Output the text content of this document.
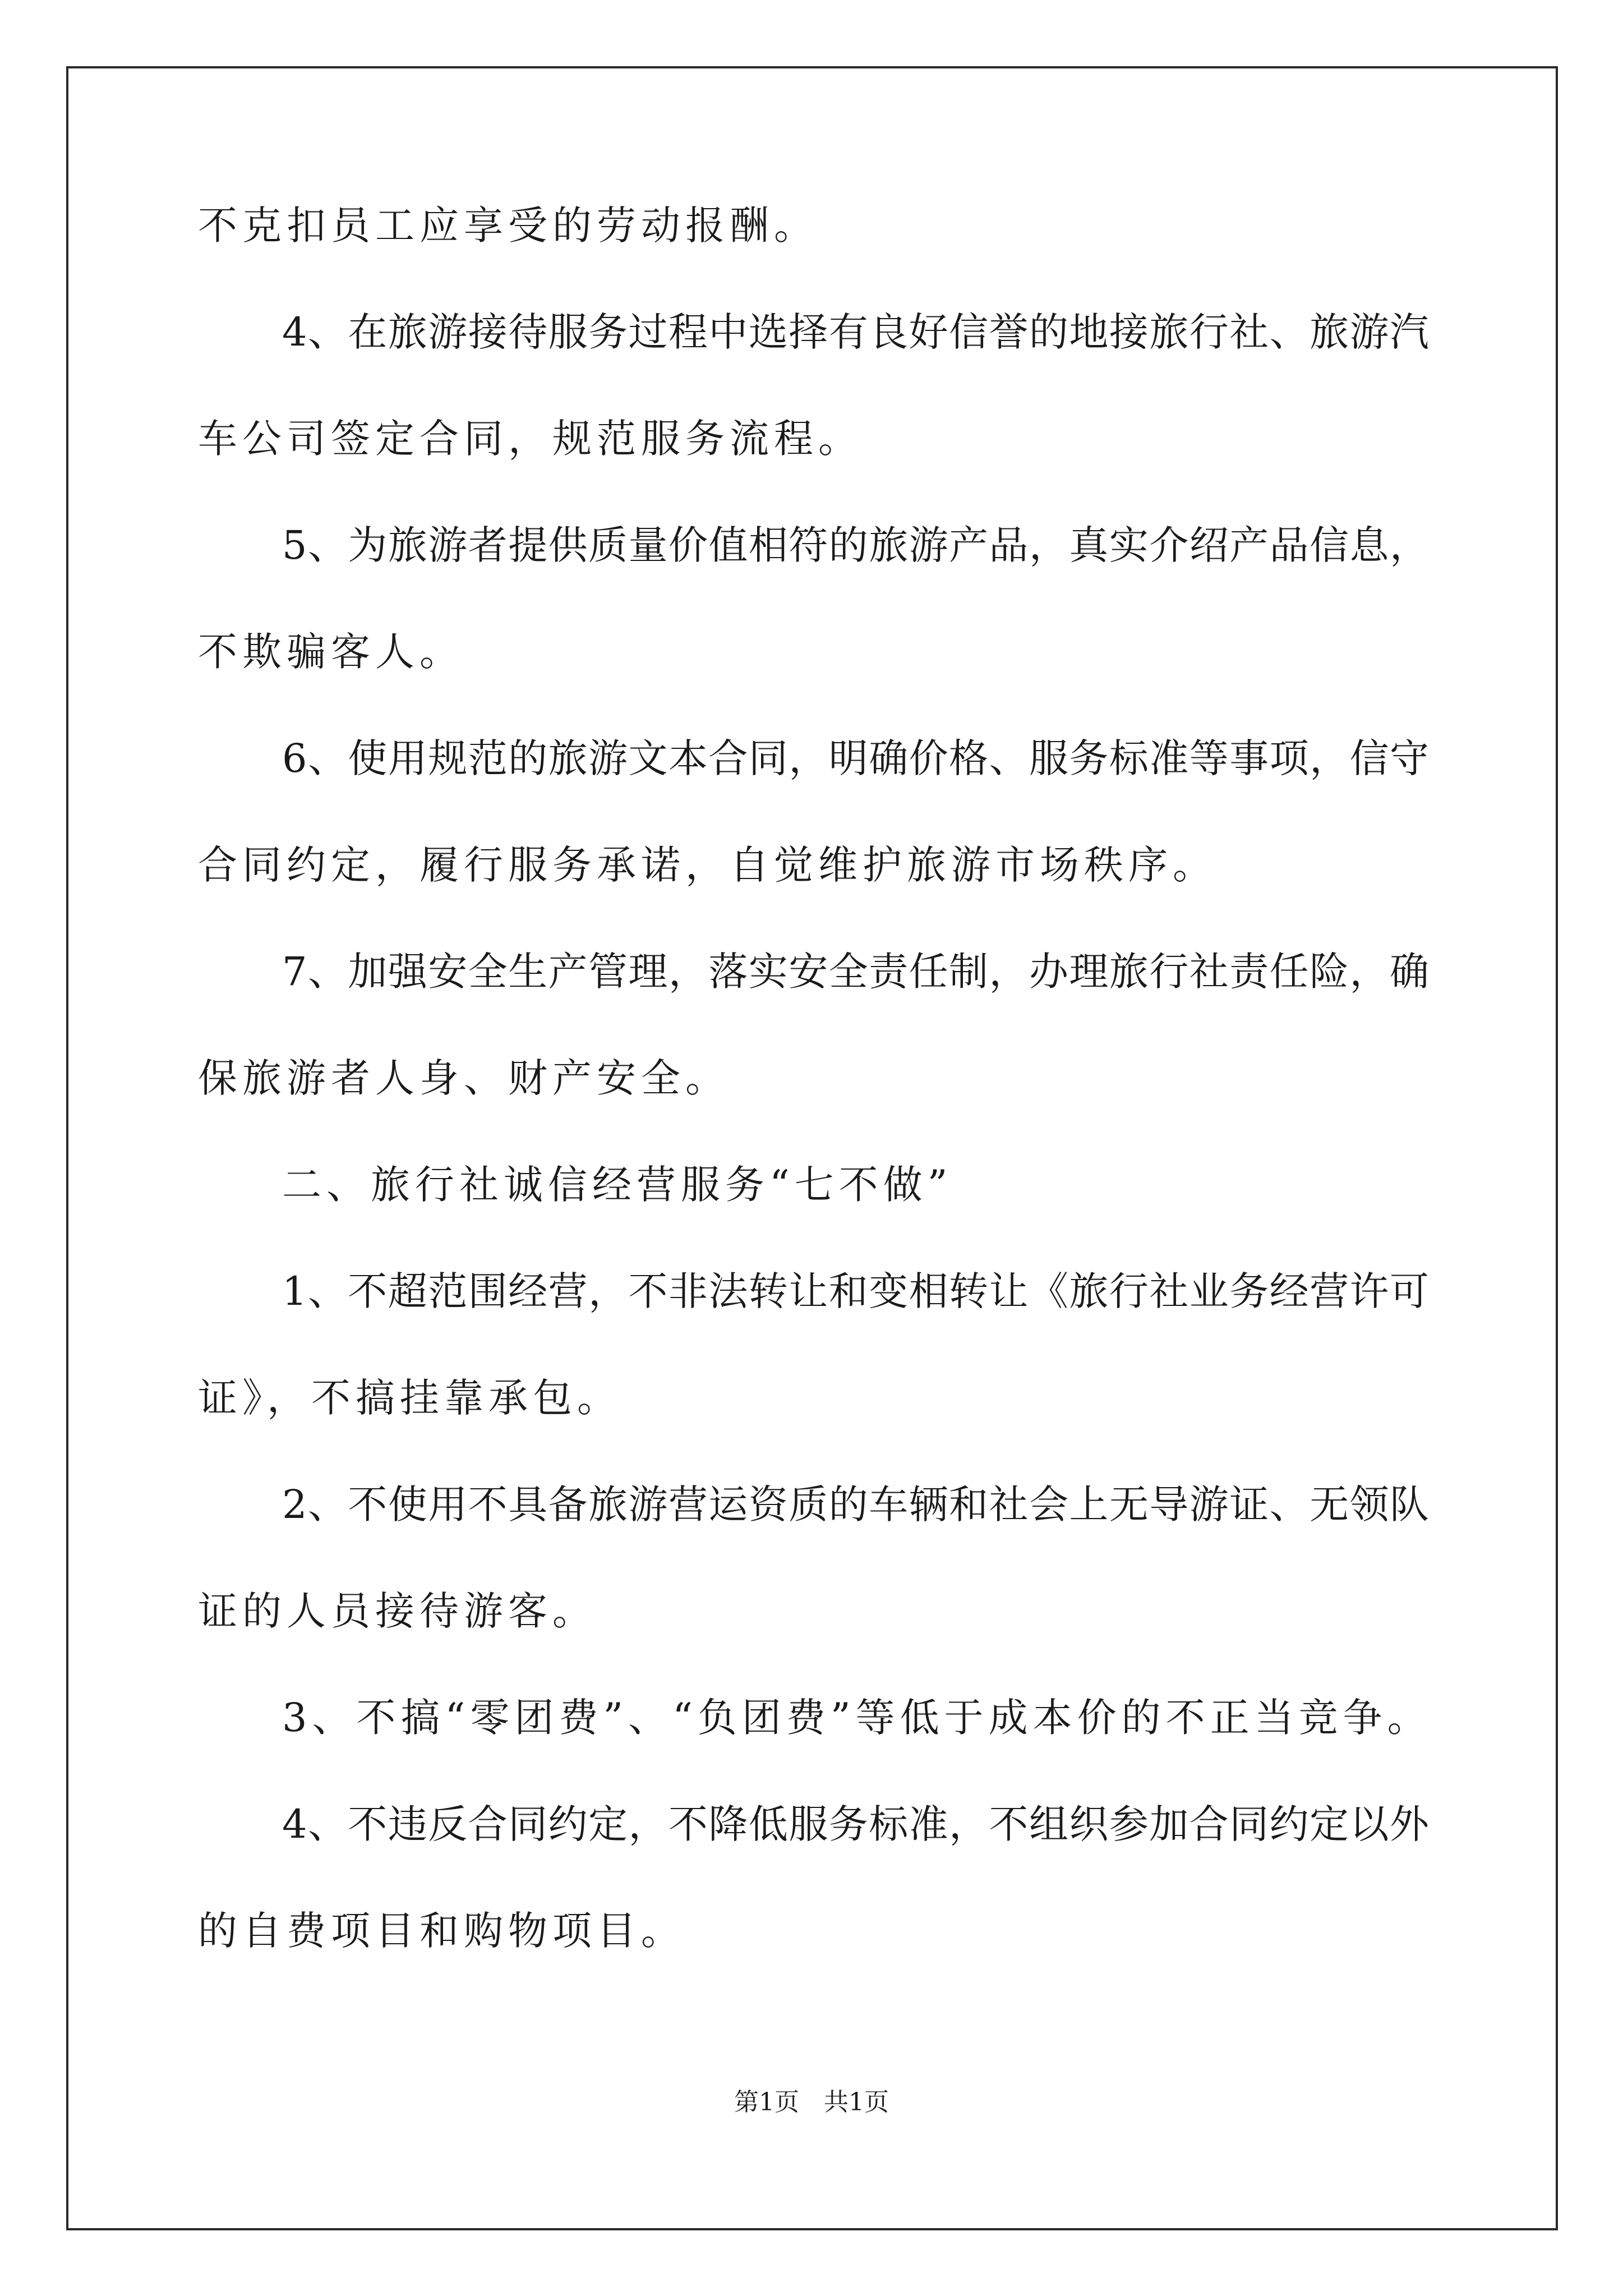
不克扣员工应享受的劳动报酬。
4、在旅游接待服务过程中选择有良好信誉的地接旅行社、旅游汽
车公司签定合同，规范服务流程。
5、为旅游者提供质量价值相符的旅游产品，真实介绍产品信息，
不欺骗客人。
6、使用规范的旅游文本合同，明确价格、服务标准等事项，信守
合同约定，履行服务承诺，自觉维护旅游市场秩序。
7、加强安全生产管理，落实安全责任制，办理旅行社责任险，确
保旅游者人身、财产安全。
二、旅行社诚信经营服务“七不做”
1、不超范围经营，不非法转让和变相转让《旅行社业务经营许可
证》，不搞挂靠承包。
2、不使用不具备旅游营运资质的车辆和社会上无导游证、无领队
证的人员接待游客。
3、不搞“零团费”、“负团费”等低于成本价的不正当竞争。
4、不违反合同约定，不降低服务标准，不组织参加合同约定以外
的自费项目和购物项目。
第1页　共1页
